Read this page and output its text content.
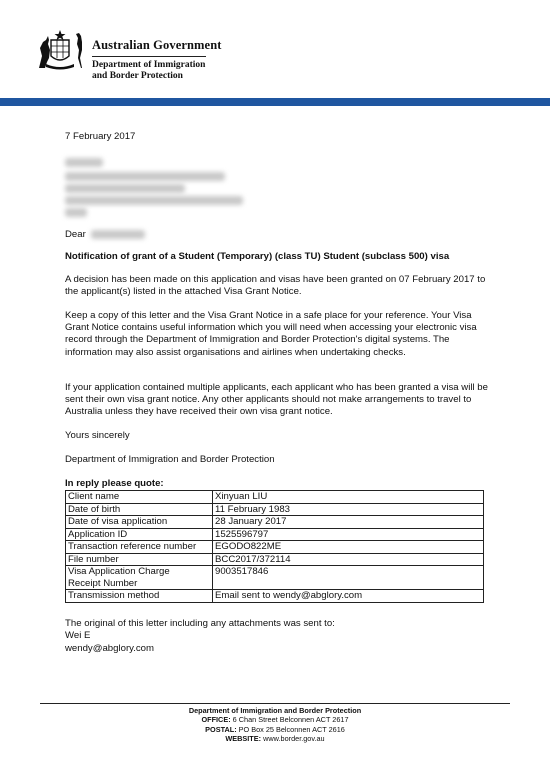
Australian Government
Department of Immigration
and Border Protection
7 February 2017
Dear
Notification of grant of a Student (Temporary) (class TU) Student (subclass 500) visa

A decision has been made on this application and visas have been granted on 07 February 2017 to the applicant(s) listed in the attached Visa Grant Notice.

Keep a copy of this letter and the Visa Grant Notice in a safe place for your reference. Your Visa Grant Notice contains useful information which you will need when accessing your electronic visa record through the Department of Immigration and Border Protection's digital systems. The information may also assist organisations and airlines when undertaking checks.

If your application contained multiple applicants, each applicant who has been granted a visa will be sent their own visa grant notice. Any other applicants should not make arrangements to travel to Australia unless they have received their own visa grant notice.

Yours sincerely
Department of Immigration and Border Protection
In reply please quote:
The original of this letter including any attachments was sent to:
Wei E
wendy@abglory.com
Client name	Xinyuan LIU
Date of birth	11 February 1983
Date of visa application	28 January 2017
Application ID	1525596797
Transaction reference number	EGODO822ME
File number	BCC2017/372114

Visa Application Charge
Receipt Number	9003517846
Transmission method	Email sent to wendy@abglory.com
Department of Immigration and Border Protection
OFFICE: 6 Chan Street Belconnen ACT 2617
POSTAL: PO Box 25 Belconnen ACT 2616
WEBSITE: www.border.gov.au
